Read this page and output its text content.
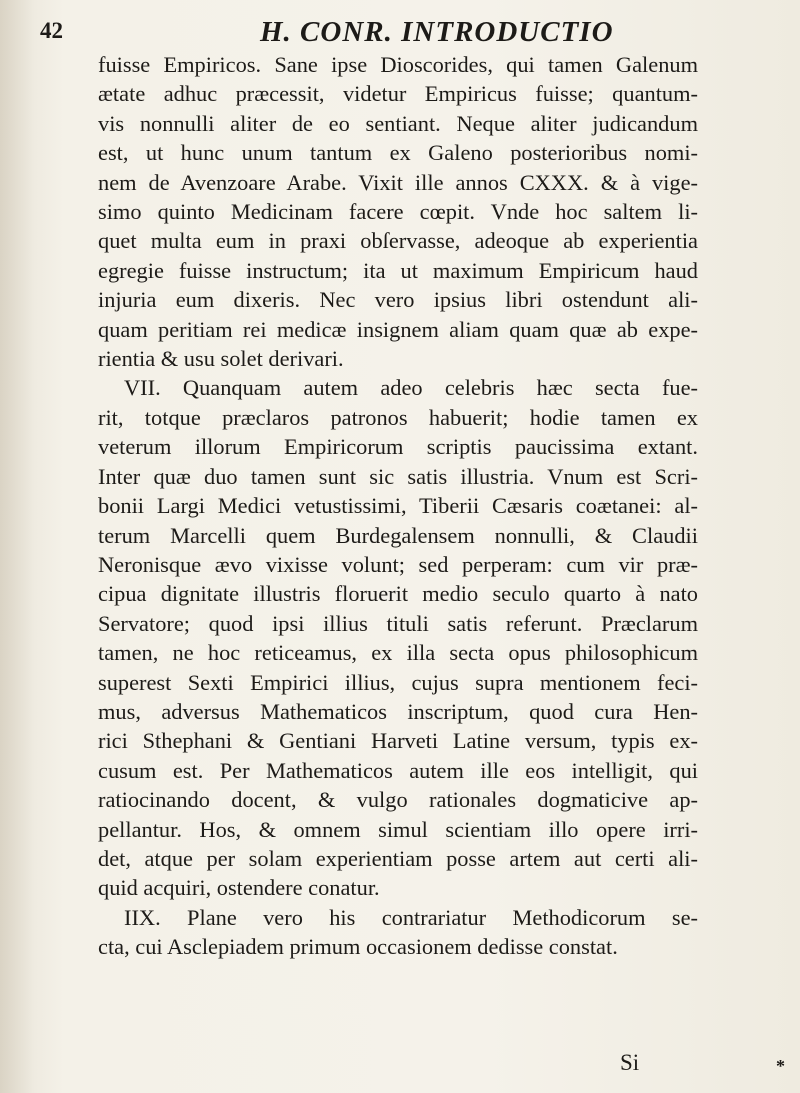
42	H. CONR. INTRODUCTIO
fuisse Empiricos. Sane ipse Dioscorides, qui tamen Galenum
ætate adhuc præcessit, videtur Empiricus fuisse; quantum-
vis nonnulli aliter de eo sentiant. Neque aliter judicandum
est, ut hunc unum tantum ex Galeno posterioribus nomi-
nem de Avenzoare Arabe. Vixit ille annos CXXX. & à vige-
simo quinto Medicinam facere cœpit. Vnde hoc saltem li-
quet multa eum in praxi obſervasse, adeoque ab experientia
egregie fuisse instructum; ita ut maximum Empiricum haud
injuria eum dixeris. Nec vero ipsius libri ostendunt ali-
quam peritiam rei medicæ insignem aliam quam quæ ab expe-
rientia & usu solet derivari.
VII. Quanquam autem adeo celebris hæc secta fue-
rit, totque præclaros patronos habuerit; hodie tamen ex
veterum illorum Empiricorum scriptis paucissima extant.
Inter quæ duo tamen sunt sic satis illustria. Vnum est Scri-
bonii Largi Medici vetustissimi, Tiberii Cæsaris coætanei: al-
terum Marcelli quem Burdegalensem nonnulli, & Claudii
Neronisque ævo vixisse volunt; sed perperam: cum vir præ-
cipua dignitate illustris floruerit medio seculo quarto à nato
Servatore; quod ipsi illius tituli satis referunt. Præclarum
tamen, ne hoc reticeamus, ex illa secta opus philosophicum
superest Sexti Empirici illius, cujus supra mentionem feci-
mus, adversus Mathematicos inscriptum, quod cura Hen-
rici Sthephani & Gentiani Harveti Latine versum, typis ex-
cusum est. Per Mathematicos autem ille eos intelligit, qui
ratiocinando docent, & vulgo rationales dogmaticive ap-
pellantur. Hos, & omnem simul scientiam illo opere irri-
det, atque per solam experientiam posse artem aut certi ali-
quid acquiri, ostendere conatur.
IIX. Plane vero his contrariatur Methodicorum se-
cta, cui Asclepiadem primum occasionem dedisse constat.
Si	*
